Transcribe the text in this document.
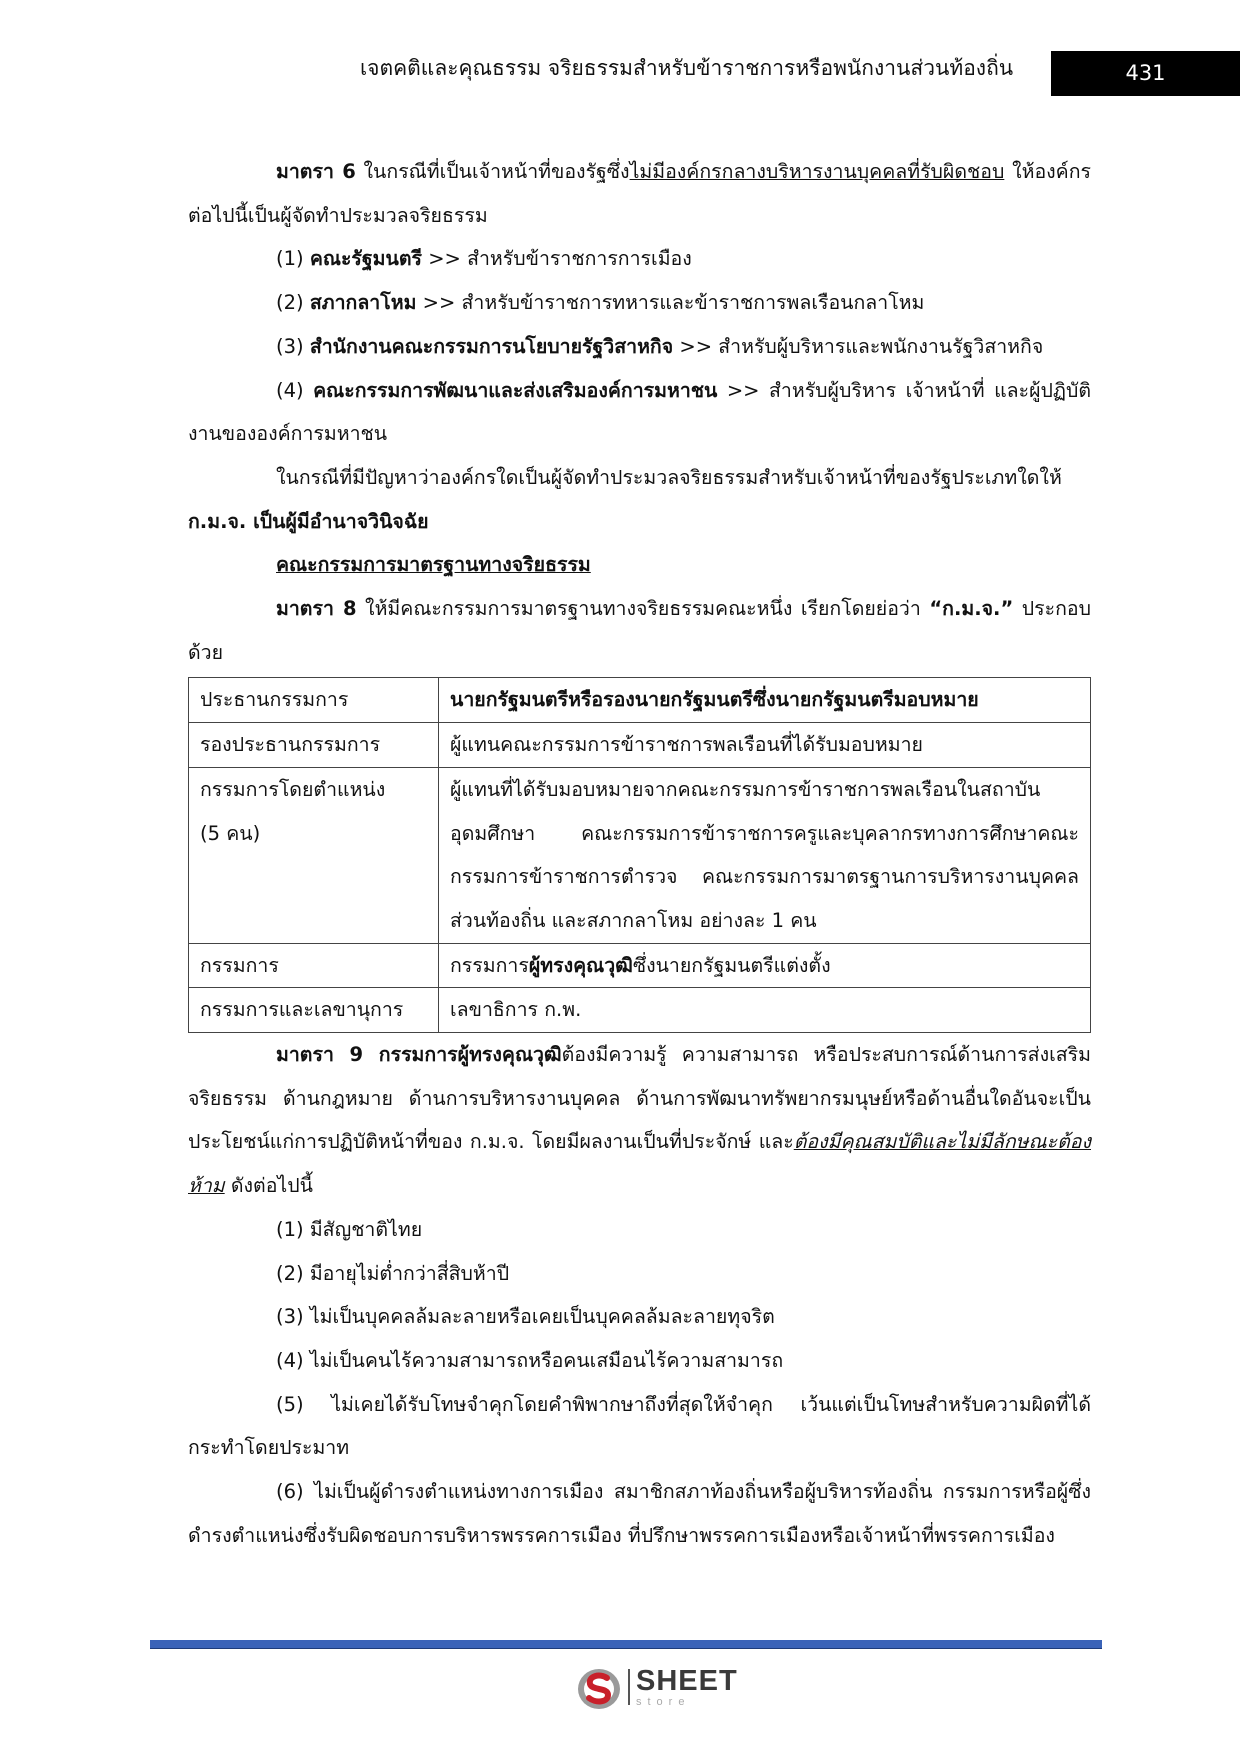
เจตคติและคุณธรรม จริยธรรมสำหรับข้าราชการหรือพนักงานส่วนท้องถิ่น	431

มาตรา 6 ในกรณีที่เป็นเจ้าหน้าที่ของรัฐซึ่งไม่มีองค์กรกลางบริหารงานบุคคลที่รับผิดชอบ ให้องค์กรต่อไปนี้เป็นผู้จัดทำประมวลจริยธรรม

(1) คณะรัฐมนตรี >> สำหรับข้าราชการการเมือง

(2) สภากลาโหม >> สำหรับข้าราชการทหารและข้าราชการพลเรือนกลาโหม

(3) สำนักงานคณะกรรมการนโยบายรัฐวิสาหกิจ >> สำหรับผู้บริหารและพนักงานรัฐวิสาหกิจ

(4) คณะกรรมการพัฒนาและส่งเสริมองค์การมหาชน >> สำหรับผู้บริหาร เจ้าหน้าที่ และผู้ปฏิบัติงานขององค์การมหาชน

ในกรณีที่มีปัญหาว่าองค์กรใดเป็นผู้จัดทำประมวลจริยธรรมสำหรับเจ้าหน้าที่ของรัฐประเภทใดให้ ก.ม.จ. เป็นผู้มีอำนาจวินิจฉัย

คณะกรรมการมาตรฐานทางจริยธรรม

มาตรา 8 ให้มีคณะกรรมการมาตรฐานทางจริยธรรมคณะหนึ่ง เรียกโดยย่อว่า “ก.ม.จ.” ประกอบด้วย

ประธานกรรมการ	นายกรัฐมนตรีหรือรองนายกรัฐมนตรีซึ่งนายกรัฐมนตรีมอบหมาย
รองประธานกรรมการ	ผู้แทนคณะกรรมการข้าราชการพลเรือนที่ได้รับมอบหมาย

กรรมการโดยตำแหน่ง
(5 คน)	ผู้แทนที่ได้รับมอบหมายจากคณะกรรมการข้าราชการพลเรือนในสถาบันอุดมศึกษา คณะกรรมการข้าราชการครูและบุคลากรทางการศึกษาคณะกรรมการข้าราชการตำรวจ คณะกรรมการมาตรฐานการบริหารงานบุคคลส่วนท้องถิ่น และสภากลาโหม อย่างละ 1 คน
กรรมการ	กรรมการผู้ทรงคุณวุฒิซึ่งนายกรัฐมนตรีแต่งตั้ง
กรรมการและเลขานุการ	เลขาธิการ ก.พ.

มาตรา 9 กรรมการผู้ทรงคุณวุฒิต้องมีความรู้ ความสามารถ หรือประสบการณ์ด้านการส่งเสริมจริยธรรม ด้านกฎหมาย ด้านการบริหารงานบุคคล ด้านการพัฒนาทรัพยากรมนุษย์หรือด้านอื่นใดอันจะเป็นประโยชน์แก่การปฏิบัติหน้าที่ของ ก.ม.จ. โดยมีผลงานเป็นที่ประจักษ์ และต้องมีคุณสมบัติและไม่มีลักษณะต้องห้าม ดังต่อไปนี้

(1) มีสัญชาติไทย

(2) มีอายุไม่ต่ำกว่าสี่สิบห้าปี

(3) ไม่เป็นบุคคลล้มละลายหรือเคยเป็นบุคคลล้มละลายทุจริต

(4) ไม่เป็นคนไร้ความสามารถหรือคนเสมือนไร้ความสามารถ

(5) ไม่เคยได้รับโทษจำคุกโดยคำพิพากษาถึงที่สุดให้จำคุก เว้นแต่เป็นโทษสำหรับความผิดที่ได้กระทำโดยประมาท

(6) ไม่เป็นผู้ดำรงตำแหน่งทางการเมือง สมาชิกสภาท้องถิ่นหรือผู้บริหารท้องถิ่น กรรมการหรือผู้ซึ่งดำรงตำแหน่งซึ่งรับผิดชอบการบริหารพรรคการเมือง ที่ปรึกษาพรรคการเมืองหรือเจ้าหน้าที่พรรคการเมือง

SHEET
store
